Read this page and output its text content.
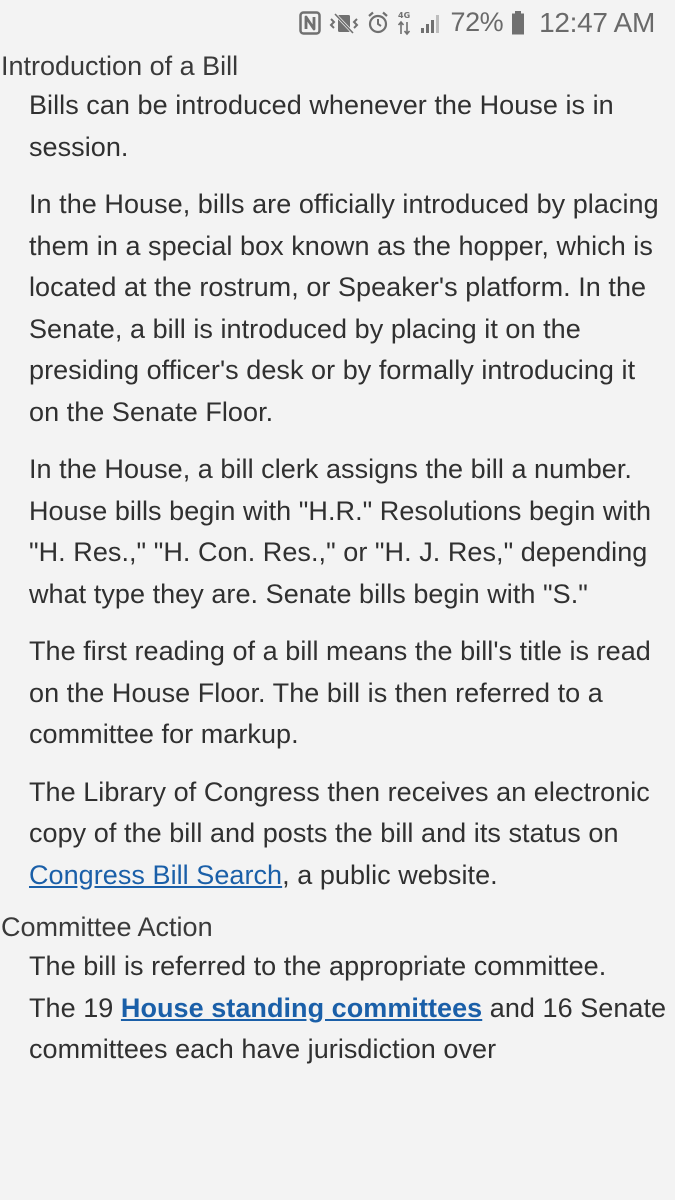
4G 72% 12:47 AM
Introduction of a Bill

Bills can be introduced whenever the House is in session.

In the House, bills are officially introduced by placing them in a special box known as the hopper, which is located at the rostrum, or Speaker's platform. In the Senate, a bill is introduced by placing it on the presiding officer's desk or by formally introducing it on the Senate Floor.

In the House, a bill clerk assigns the bill a number. House bills begin with "H.R." Resolutions begin with "H. Res.," "H. Con. Res.," or "H. J. Res," depending what type they are. Senate bills begin with "S."

The first reading of a bill means the bill's title is read on the House Floor. The bill is then referred to a committee for markup.

The Library of Congress then receives an electronic copy of the bill and posts the bill and its status on Congress Bill Search, a public website.

Committee Action

The bill is referred to the appropriate committee.
The 19 House standing committees and 16 Senate committees each have jurisdiction over
